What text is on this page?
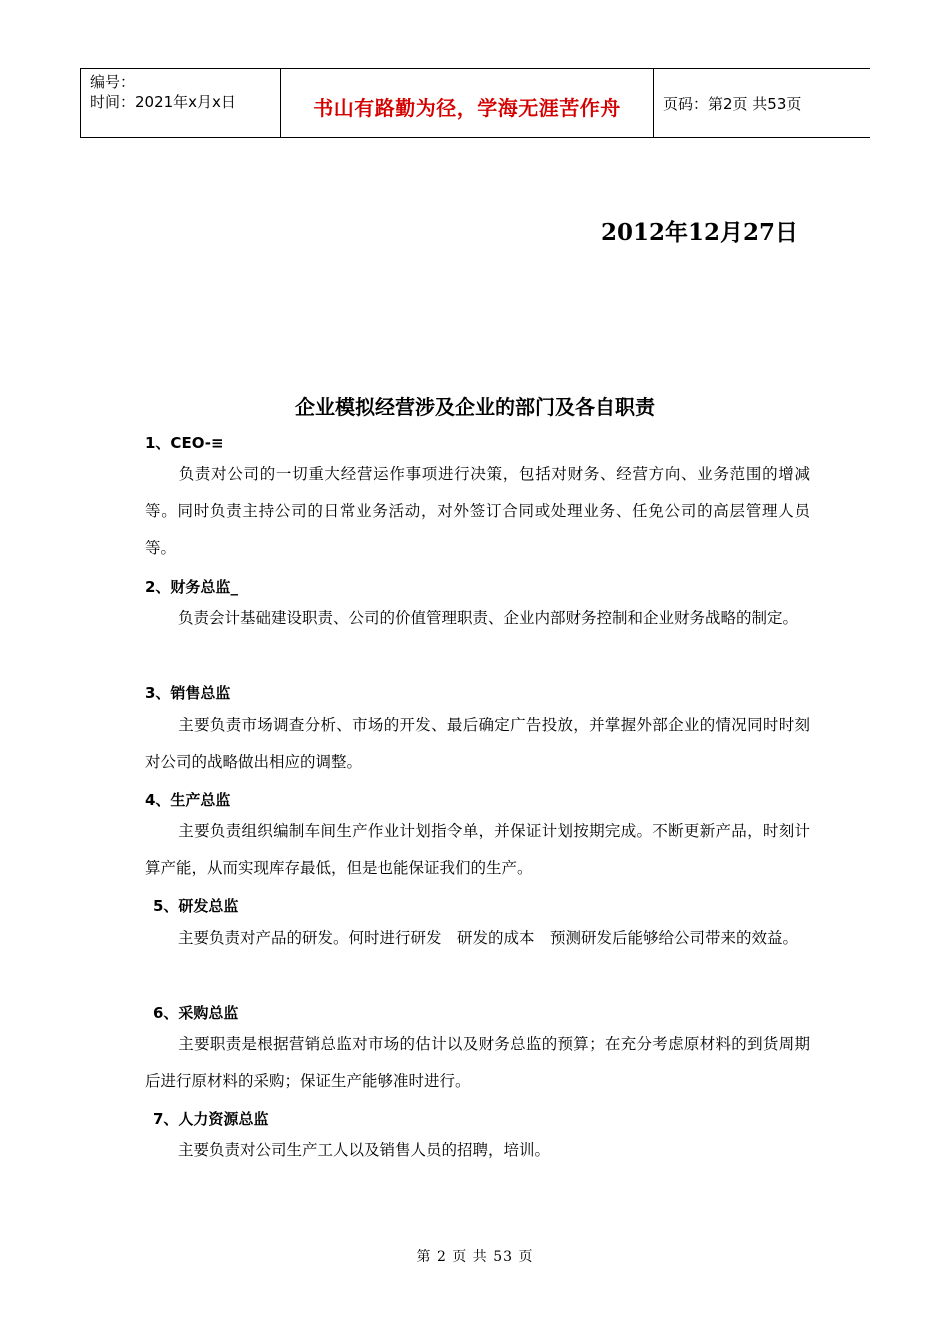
编号：
时间：2021年x月x日	书山有路勤为径，学海无涯苦作舟	页码：第2页 共53页
2012年12月27日
企业模拟经营涉及企业的部门及各自职责
1、CEO-≡
负责对公司的一切重大经营运作事项进行决策，包括对财务、经营方向、业务范围的增减等。同时负责主持公司的日常业务活动，对外签订合同或处理业务、任免公司的高层管理人员等。
2、财务总监_
负责会计基础建设职责、公司的价值管理职责、企业内部财务控制和企业财务战略的制定。
3、销售总监
主要负责市场调查分析、市场的开发、最后确定广告投放，并掌握外部企业的情况同时时刻对公司的战略做出相应的调整。
4、生产总监
主要负责组织编制车间生产作业计划指令单，并保证计划按期完成。不断更新产品，时刻计算产能，从而实现库存最低，但是也能保证我们的生产。
5、研发总监
主要负责对产品的研发。何时进行研发　研发的成本　预测研发后能够给公司带来的效益。
6、采购总监
主要职责是根据营销总监对市场的估计以及财务总监的预算；在充分考虑原材料的到货周期后进行原材料的采购；保证生产能够准时进行。
7、人力资源总监
主要负责对公司生产工人以及销售人员的招聘，培训。
第 2 页 共 53 页
